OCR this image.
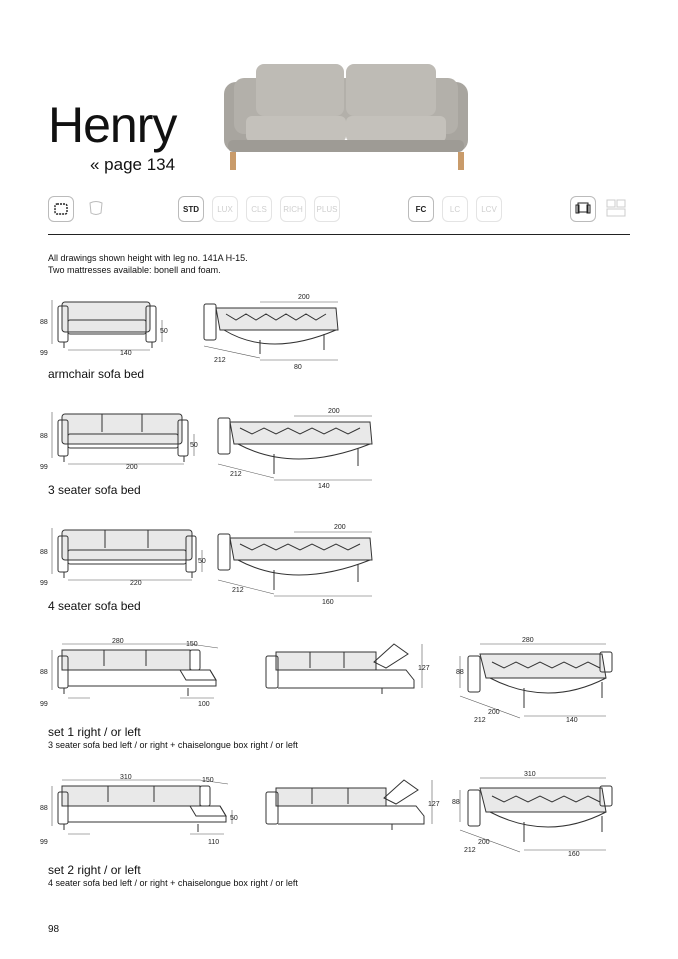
Henry
« page 134
STD	LUX	CLS	RICH	PLUS	FC	LC	LCV
All drawings shown height with leg no. 141A H-15.
Two mattresses available: bonell and foam.
88
50
99	140
200
212
80
armchair sofa bed
88
50
99	200
200
212
140
3 seater sofa bed
88
50
99	220
200
212
160
4 seater sofa bed
280	150
88
99	100
127
280
88
200
212	140
set 1 right / or left
3 seater sofa bed left / or right + chaiselongue box right / or left
310	150
88
50
99	110
127
310
88
200
212
160
set 2 right / or left
4 seater sofa bed left / or right + chaiselongue box right / or left
98
